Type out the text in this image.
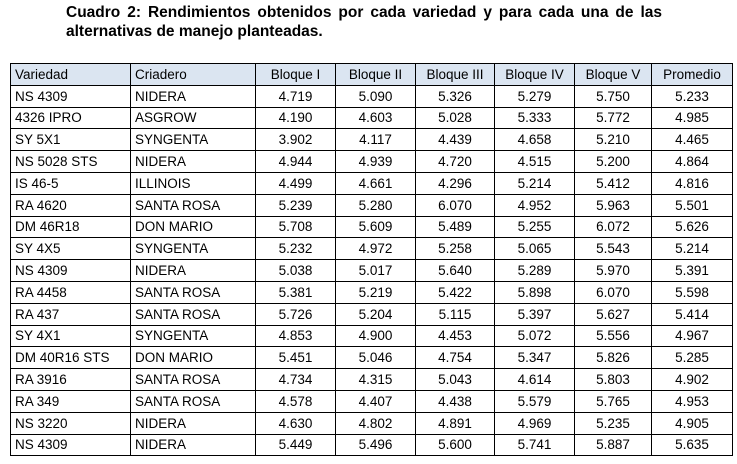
Cuadro 2: Rendimientos obtenidos por cada variedad y para cada una de las
alternativas de manejo planteadas.
Variedad	Criadero	Bloque I	Bloque II	Bloque III	Bloque IV	Bloque V	Promedio
NS 4309	NIDERA	4.719	5.090	5.326	5.279	5.750	5.233
4326 IPRO	ASGROW	4.190	4.603	5.028	5.333	5.772	4.985
SY 5X1	SYNGENTA	3.902	4.117	4.439	4.658	5.210	4.465
NS 5028 STS	NIDERA	4.944	4.939	4.720	4.515	5.200	4.864
IS 46-5	ILLINOIS	4.499	4.661	4.296	5.214	5.412	4.816
RA 4620	SANTA ROSA	5.239	5.280	6.070	4.952	5.963	5.501
DM 46R18	DON MARIO	5.708	5.609	5.489	5.255	6.072	5.626
SY 4X5	SYNGENTA	5.232	4.972	5.258	5.065	5.543	5.214
NS 4309	NIDERA	5.038	5.017	5.640	5.289	5.970	5.391
RA 4458	SANTA ROSA	5.381	5.219	5.422	5.898	6.070	5.598
RA 437	SANTA ROSA	5.726	5.204	5.115	5.397	5.627	5.414
SY 4X1	SYNGENTA	4.853	4.900	4.453	5.072	5.556	4.967
DM 40R16 STS	DON MARIO	5.451	5.046	4.754	5.347	5.826	5.285
RA 3916	SANTA ROSA	4.734	4.315	5.043	4.614	5.803	4.902
RA 349	SANTA ROSA	4.578	4.407	4.438	5.579	5.765	4.953
NS 3220	NIDERA	4.630	4.802	4.891	4.969	5.235	4.905
NS 4309	NIDERA	5.449	5.496	5.600	5.741	5.887	5.635
